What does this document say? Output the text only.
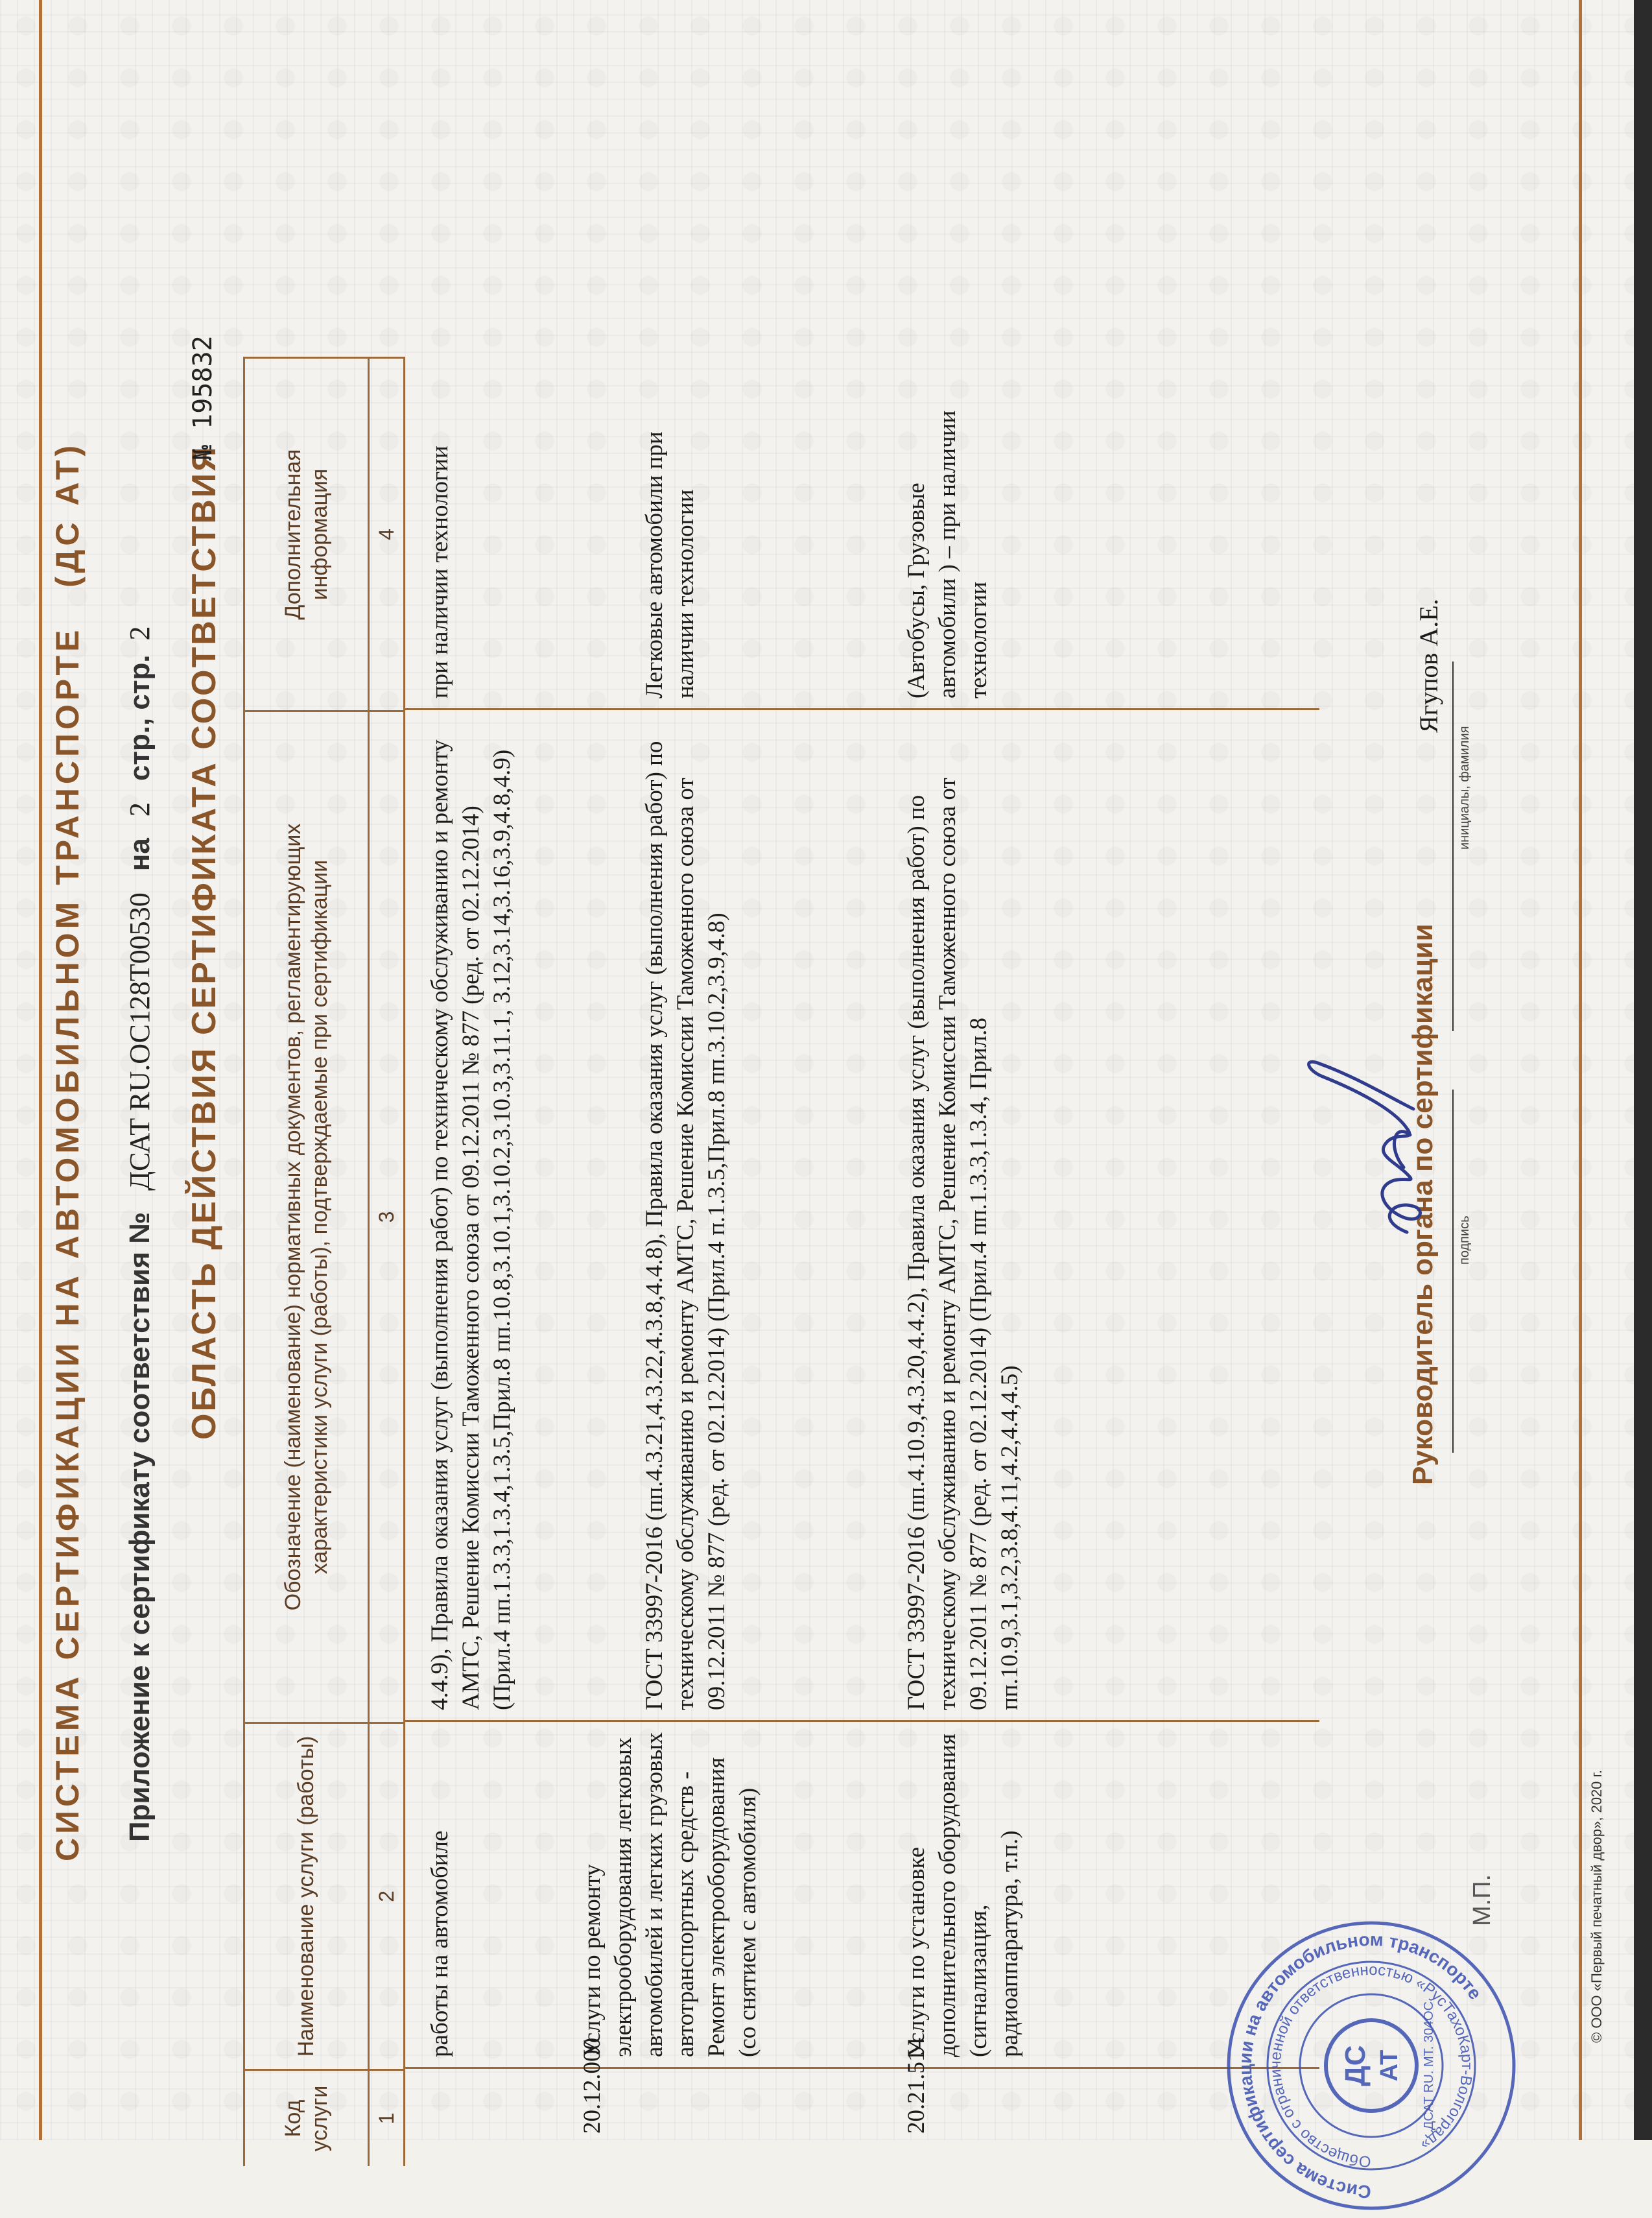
© ООО «Первый печатный двор», 2020 г.
СИСТЕМА СЕРТИФИКАЦИИ НА АВТОМОБИЛЬНОМ ТРАНСПОРТЕ   (ДС АТ)
Приложение к сертификату соответствия №   ДСАТ RU.ОС128Т00530   на   2   стр., стр.  2 ОБЛАСТЬ ДЕЙСТВИЯ СЕРТИФИКАТА СООТВЕТСТВИЯ
№ 195832
Код услуги
Наименование услуги (работы)
Обозначение (наименование) нормативных документов, регламентирующих характеристики услуги (работы), подтверждаемые при сертификации
Дополнительная информация
1
2
3
4
работы на автомобиле
4.4.9), Правила оказания услуг (выполнения работ) по техническому обслуживанию и ремонту АМТС, Решение Комиссии Таможенного союза от 09.12.2011 № 877 (ред. от 02.12.2014) (Прил.4 пп.1.3.3,1.3.4,1.3.5,Прил.8 пп.10.8,3.10.1,3.10.2,3.10.3,3.11.1, 3.12,3.14,3.16,3.9,4.8,4.9)
при наличии технологии
20.12.000
Услуги по ремонту электрооборудования легковых автомобилей и легких грузовых автотранспортных средств - Ремонт электрооборудования (со снятием с автомобиля)
ГОСТ 33997-2016 (пп.4.3.21,4.3.22,4.3.8,4.4.8), Правила оказания услуг (выполнения работ) по техническому обслуживанию и ремонту АМТС, Решение Комиссии Таможенного союза от 09.12.2011 № 877 (ред. от 02.12.2014) (Прил.4 п.1.3.5,Прил.8 пп.3.10.2,3.9,4.8)
Легковые автомобили при наличии технологии
20.21.514
Услуги по установке дополнительного оборудования (сигнализация, радиоаппаратура, т.п.)
ГОСТ 33997-2016 (пп.4.10.9,4.3.20,4.4.2), Правила оказания услуг (выполнения работ) по техническому обслуживанию и ремонту АМТС, Решение Комиссии Таможенного союза от 09.12.2011 № 877 (ред. от 02.12.2014) (Прил.4 пп.1.3.3,1.3.4, Прил.8 пп.10.9,3.1,3.2,3.8,4.11,4.2,4.4,4.5)
(Автобусы, Грузовые автомобили ) – при наличии технологии
Руководитель органа по сертификации подпись
Ягупов А.Е.
инициалы, фамилия
М.П.
Система сертификации на автомобильном транспорте
Общество с ограниченной ответственностью «РусТахоКарт-Волгоград»
ДС АТ ДСАТ RU. МТ. 304ОС
